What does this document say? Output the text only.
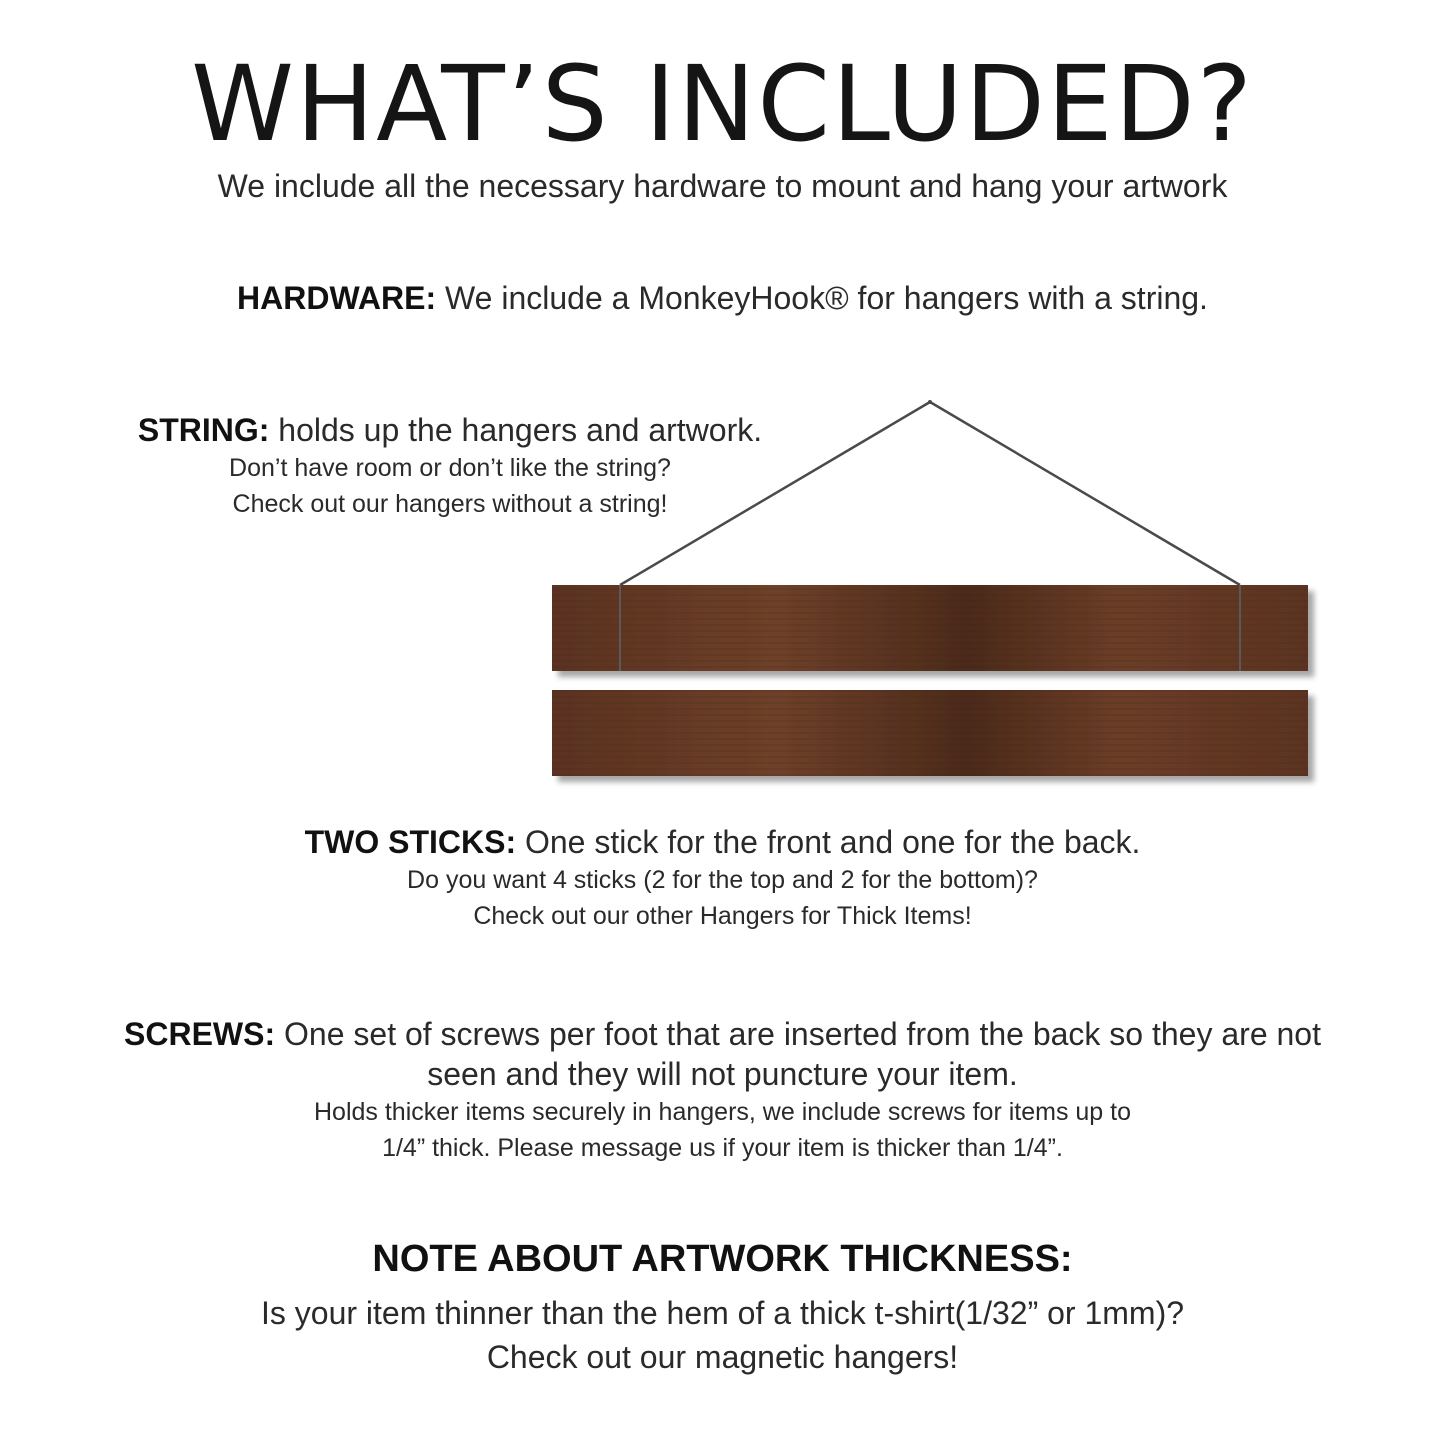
WHAT’S INCLUDED?
We include all the necessary hardware to mount and hang your artwork
HARDWARE: We include a MonkeyHook® for hangers with a string.
STRING: holds up the hangers and artwork.
Don’t have room or don’t like the string?
Check out our hangers without a string!
TWO STICKS: One stick for the front and one for the back.
Do you want 4 sticks (2 for the top and 2 for the bottom)?
Check out our other Hangers for Thick Items!
SCREWS: One set of screws per foot that are inserted from the back so they are not seen and they will not puncture your item.
Holds thicker items securely in hangers, we include screws for items up to
1/4” thick. Please message us if your item is thicker than 1/4”.
NOTE ABOUT ARTWORK THICKNESS:
Is your item thinner than the hem of a thick t-shirt(1/32” or 1mm)?
Check out our magnetic hangers!
